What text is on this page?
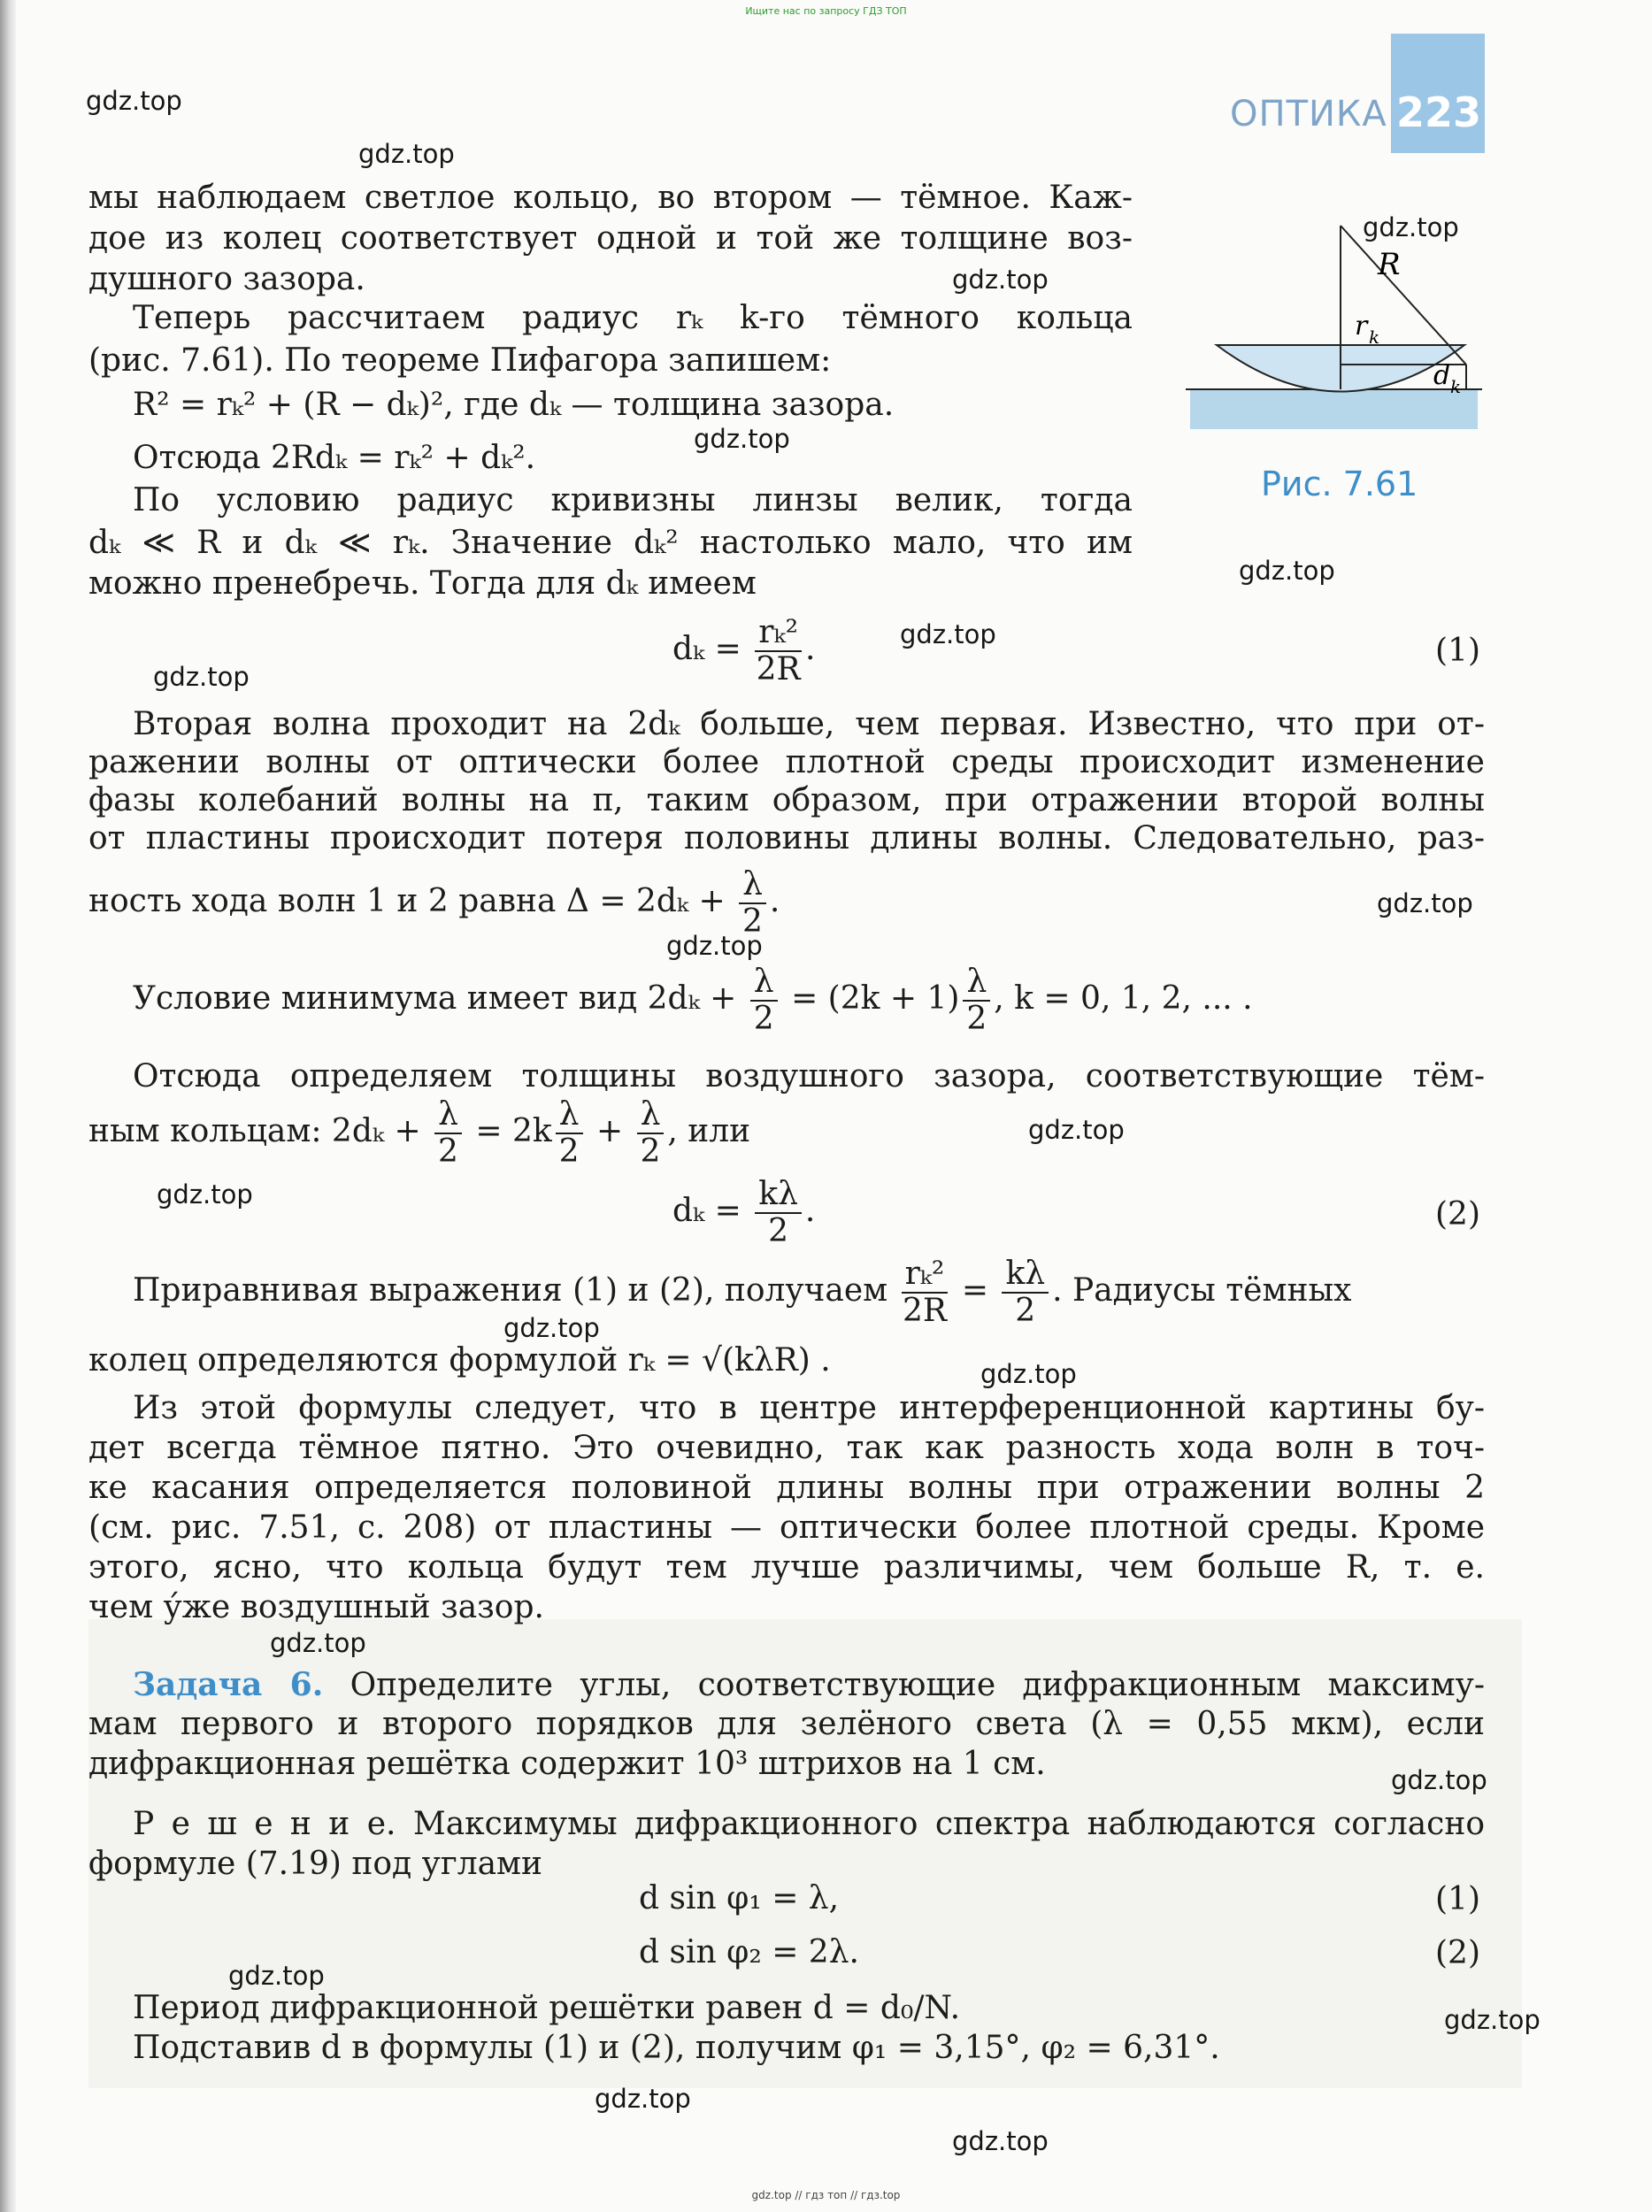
Ищите нас по запросу ГДЗ ТОП
ОПТИКА 223
R
r k
d k
Рис. 7.61
мы наблюдаем светлое кольцо, во втором — тёмное. Каж-
дое из колец соответствует одной и той же толщине воз-
душного зазора.
Теперь рассчитаем радиус rₖ k-го тёмного кольца
(рис. 7.61). По теореме Пифагора запишем:
R² = rₖ² + (R − dₖ)², где dₖ — толщина зазора.
Отсюда 2Rdₖ = rₖ² + dₖ².
По условию радиус кривизны линзы велик, тогда
dₖ ≪ R и dₖ ≪ rₖ. Значение dₖ² настолько мало, что им
можно пренебречь. Тогда для dₖ имеем
$d_k = \frac{\text{rₖ²}}{2R}$ .	(1)
Вторая волна проходит на 2dₖ больше, чем первая. Известно, что при от-
ражении волны от оптически более плотной среды происходит изменение
фазы колебаний волны на π, таким образом, при отражении второй волны
от пластины происходит потеря половины длины волны. Следовательно, раз-
ность хода волн 1 и 2 равна $\Delta = 2d_k + \frac{\lambda}{2}$ .
Условие минимума имеет вид $2d_k + \frac{\lambda}{2} = (2k + 1) \frac{\lambda}{2}$ , k = 0, 1, 2, ... .
Отсюда определяем толщины воздушного зазора, соответствующие тём-
ным кольцам: $2d_k + \frac{\lambda}{2} = 2k \frac{\lambda}{2} + \frac{\lambda}{2}$ , или
$d_k = \frac{k\lambda}{2}$ .	(2)
Приравнивая выражения (1) и (2), получаем $\frac{\text{rₖ²}}{2R} = \frac{k\lambda}{2}$ . Радиусы тёмных
колец определяются формулой rₖ = √(kλR) .
Из этой формулы следует, что в центре интерференционной картины бу-
дет всегда тёмное пятно. Это очевидно, так как разность хода волн в точ-
ке касания определяется половиной длины волны при отражении волны 2
(см. рис. 7.51, с. 208) от пластины — оптически более плотной среды. Кроме
этого, ясно, что кольца будут тем лучше различимы, чем больше R, т. е.
чем у́же воздушный зазор.
Задача 6. Определите углы, соответствующие дифракционным максиму-
мам первого и второго порядков для зелёного света (λ = 0,55 мкм), если
дифракционная решётка содержит 10³ штрихов на 1 см.
Р е ш е н и е. Максимумы дифракционного спектра наблюдаются согласно
формуле (7.19) под углами
d sin φ₁ = λ,	(1)
d sin φ₂ = 2λ.	(2)
Период дифракционной решётки равен d = d₀/N.
Подставив d в формулы (1) и (2), получим φ₁ = 3,15°, φ₂ = 6,31°.
gdz.top
gdz.top
gdz.top
gdz.top
gdz.top
gdz.top
gdz.top
gdz.top
gdz.top
gdz.top
gdz.top
gdz.top
gdz.top
gdz.top
gdz.top
gdz.top
gdz.top
gdz.top
gdz.top
gdz.top
gdz.top // гдз топ // гдз.top
